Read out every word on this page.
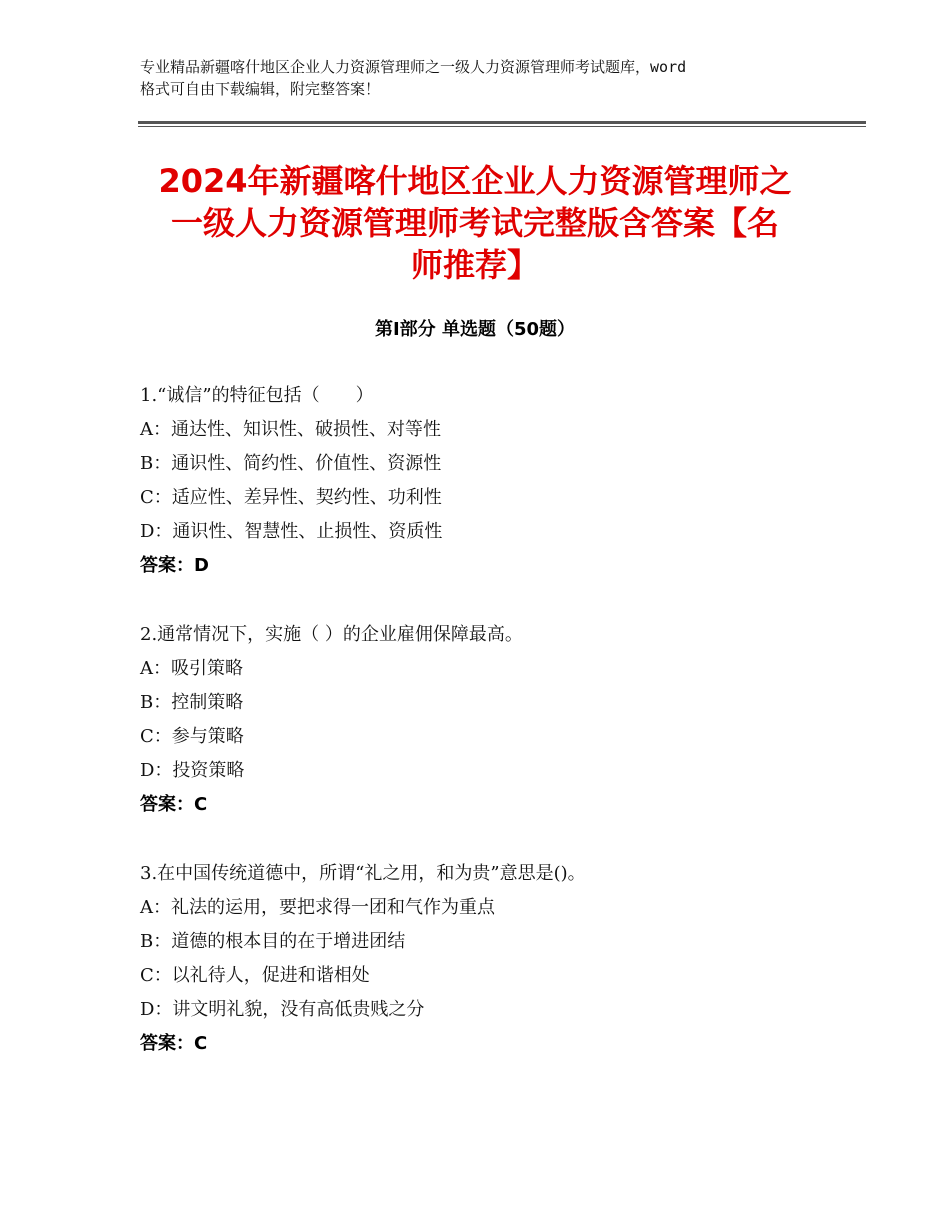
专业精品新疆喀什地区企业人力资源管理师之一级人力资源管理师考试题库，word
格式可自由下载编辑，附完整答案！
2024年新疆喀什地区企业人力资源管理师之
一级人力资源管理师考试完整版含答案【名
师推荐】
第Ⅰ部分 单选题（50题）
1.“诚信”的特征包括（　　）
A：通达性、知识性、破损性、对等性
B：通识性、简约性、价值性、资源性
C：适应性、差异性、契约性、功利性
D：通识性、智慧性、止损性、资质性
答案：D
2.通常情况下，实施（ ）的企业雇佣保障最高。
A：吸引策略
B：控制策略
C：参与策略
D：投资策略
答案：C
3.在中国传统道德中，所谓“礼之用，和为贵”意思是()。
A：礼法的运用，要把求得一团和气作为重点
B：道德的根本目的在于增进团结
C：以礼待人，促进和谐相处
D：讲文明礼貌，没有高低贵贱之分
答案：C
